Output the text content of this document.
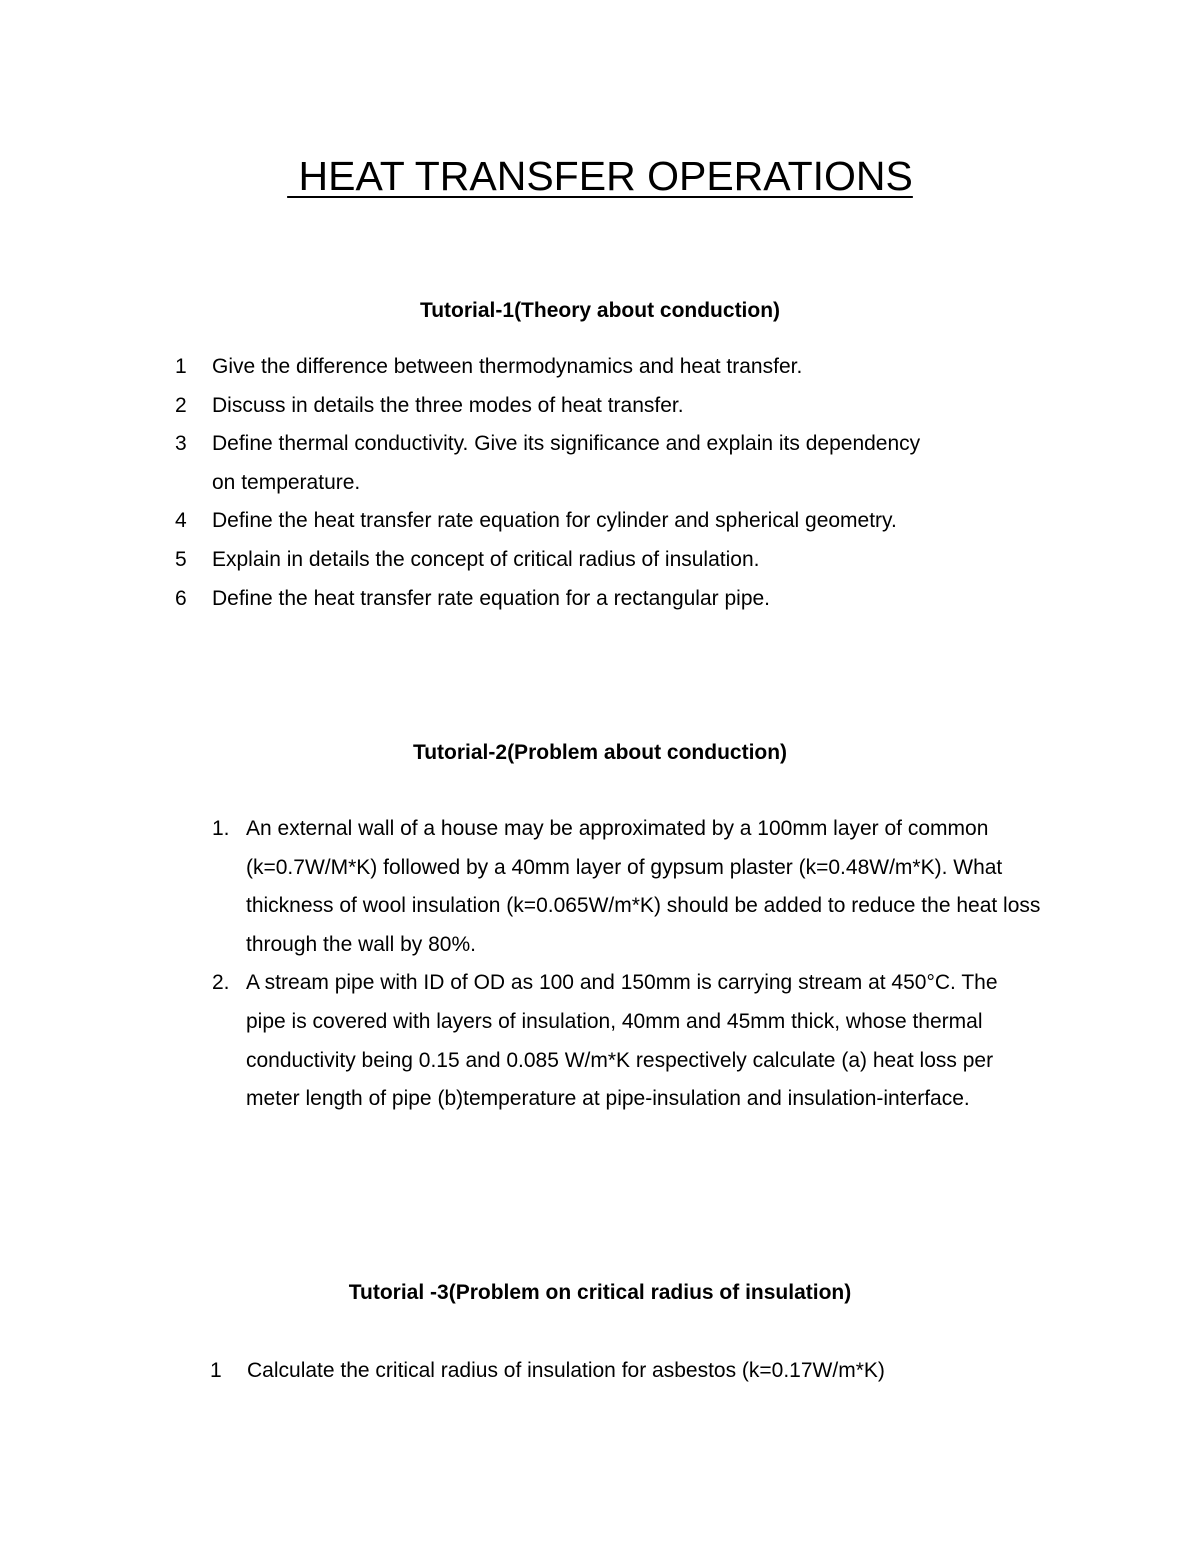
HEAT TRANSFER OPERATIONS
Tutorial-1(Theory about conduction)
1	Give the difference between thermodynamics and heat transfer.
2	Discuss in details the three modes of heat transfer.
3	Define thermal conductivity. Give its significance and explain its dependency on temperature.
4	Define the heat transfer rate equation for cylinder and spherical geometry.
5	Explain in details the concept of critical radius of insulation.
6	Define the heat transfer rate equation for a rectangular pipe.
Tutorial-2(Problem about conduction)
1. An external wall of a house may be approximated by a 100mm layer of common (k=0.7W/M*K) followed by a 40mm layer of gypsum plaster (k=0.48W/m*K). What thickness of wool insulation (k=0.065W/m*K) should be added to reduce the heat loss through the wall by 80%.
2. A stream pipe with ID of OD as 100 and 150mm is carrying stream at 450°C. The pipe is covered with layers of insulation, 40mm and 45mm thick, whose thermal conductivity being 0.15 and 0.085 W/m*K respectively calculate (a) heat loss per meter length of pipe (b)temperature at pipe-insulation and insulation-interface.
Tutorial -3(Problem on critical radius of insulation)
1	Calculate the critical radius of insulation for asbestos (k=0.17W/m*K)
